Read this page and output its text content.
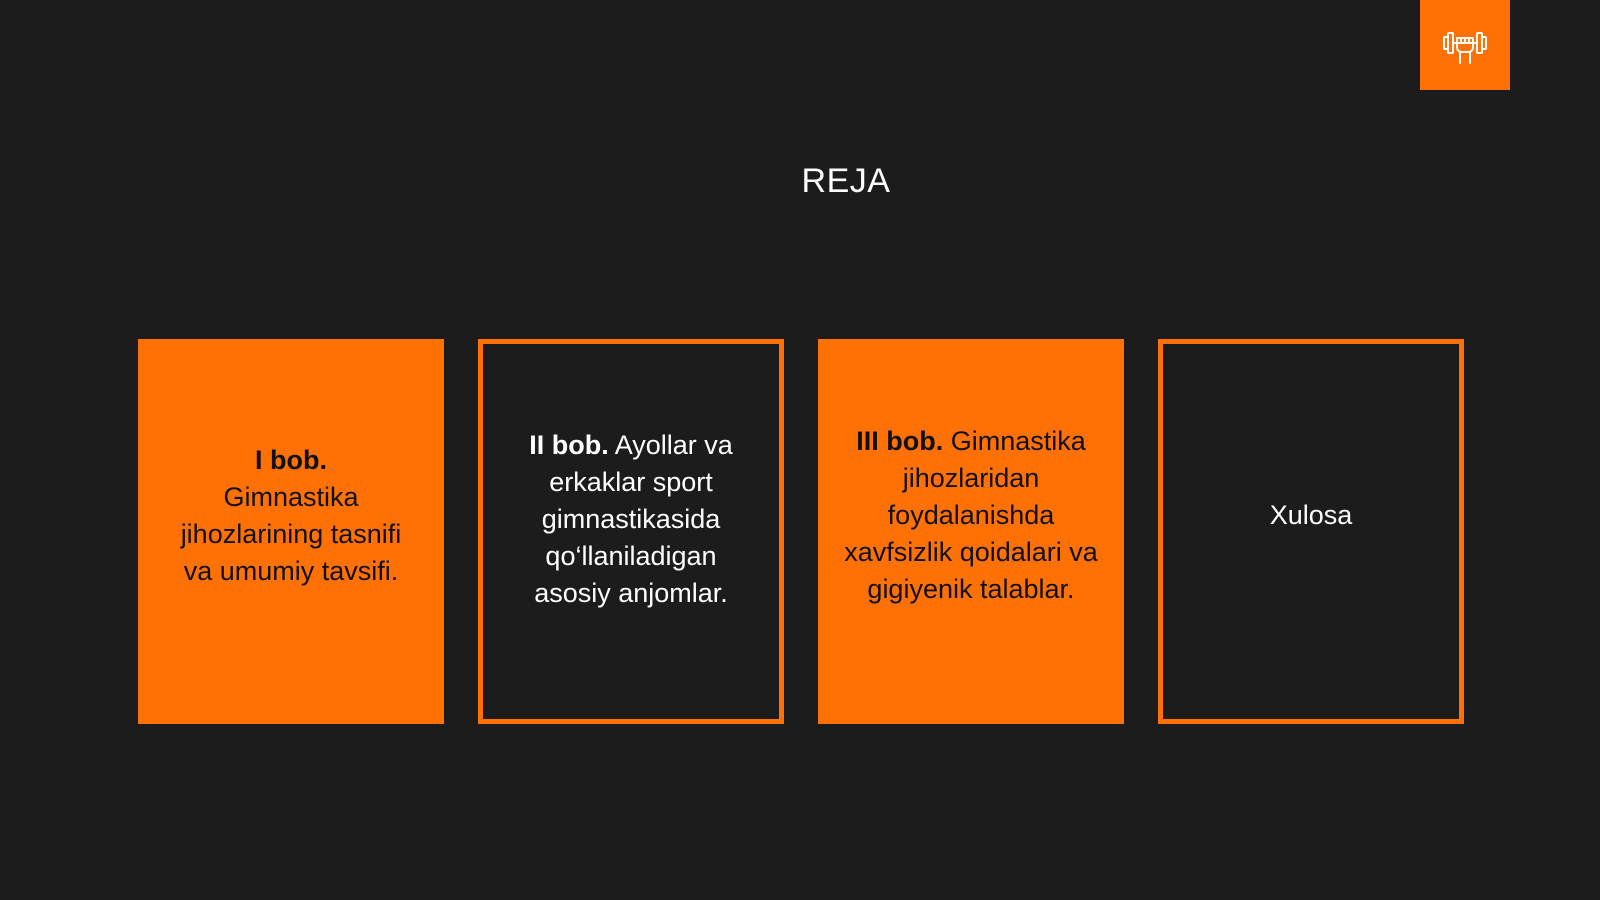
REJA
I bob.
Gimnastika jihozlarining tasnifi va umumiy tavsifi.
II bob. Ayollar va erkaklar sport gimnastikasida qo‘llaniladigan asosiy anjomlar.
III bob. Gimnastika jihozlaridan foydalanishda xavfsizlik qoidalari va gigiyenik talablar.
Xulosa
